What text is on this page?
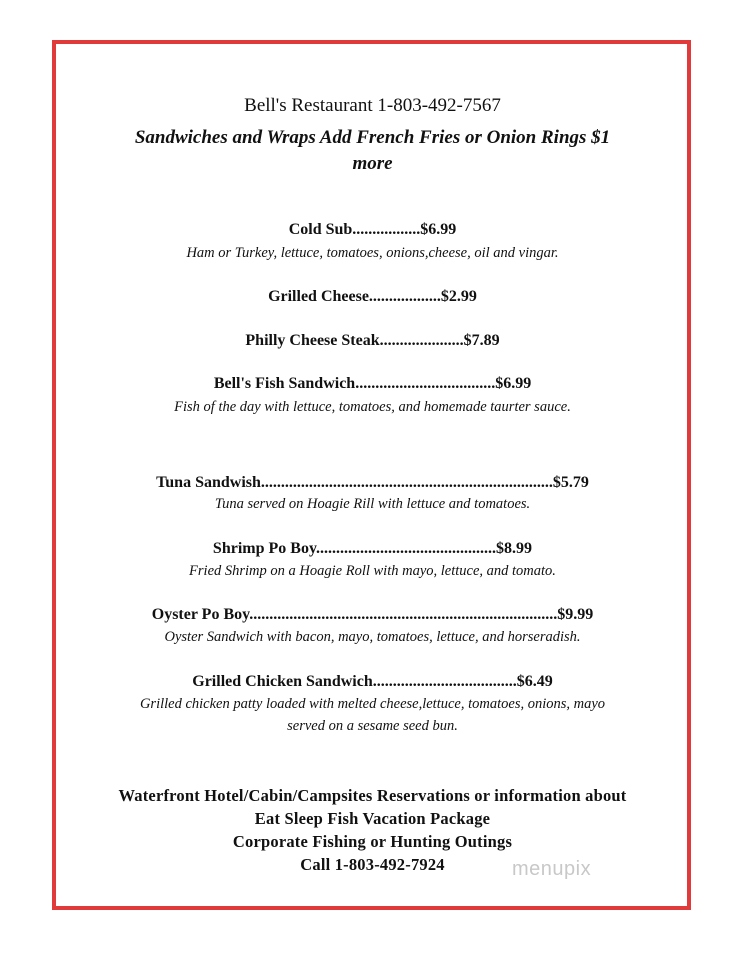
Bell's Restaurant 1-803-492-7567
Sandwiches and Wraps Add French Fries or Onion Rings $1
more
Cold Sub.................$6.99
Ham or Turkey, lettuce, tomatoes, onions,cheese, oil and vingar.
Grilled Cheese..................$2.99
Philly Cheese Steak.....................$7.89
Bell's Fish Sandwich...................................$6.99
Fish of the day with lettuce, tomatoes, and homemade taurter sauce.
Tuna Sandwish.........................................................................$5.79
Tuna served on Hoagie Rill with lettuce and tomatoes.
Shrimp Po Boy.............................................$8.99
Fried Shrimp on a Hoagie Roll with mayo, lettuce, and tomato.
Oyster Po Boy.............................................................................$9.99
Oyster Sandwich with bacon, mayo, tomatoes, lettuce, and horseradish.
Grilled Chicken Sandwich....................................$6.49
Grilled chicken patty loaded with melted cheese,lettuce, tomatoes, onions, mayo
served on a sesame seed bun.
Waterfront Hotel/Cabin/Campsites Reservations or information about
Eat Sleep Fish Vacation Package
Corporate Fishing or Hunting Outings
Call 1-803-492-7924	menupix
